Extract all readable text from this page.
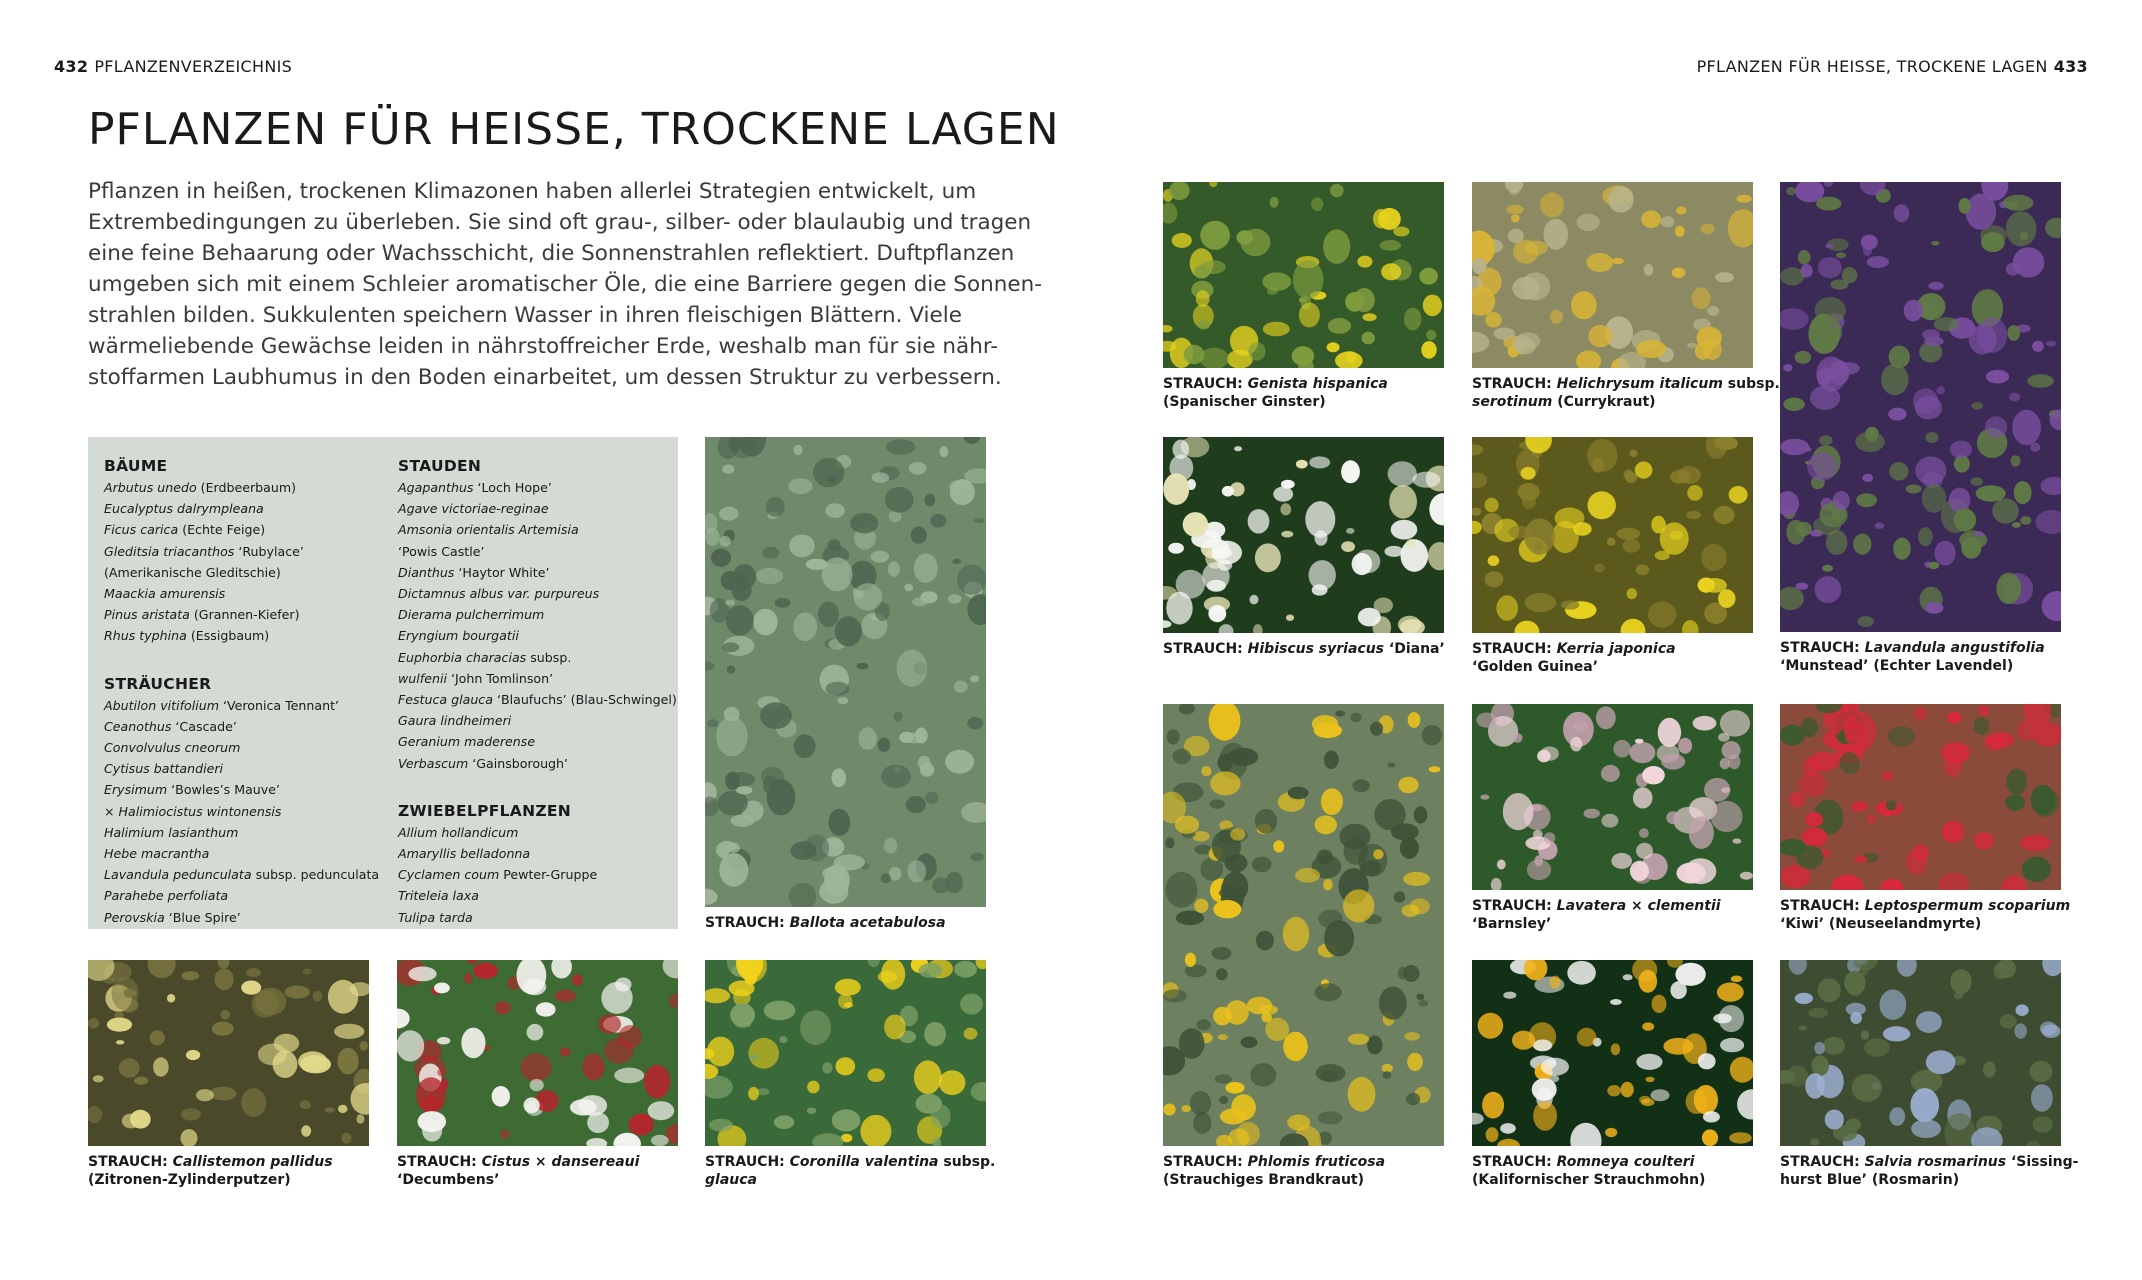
432 PFLANZENVERZEICHNIS	PFLANZEN FÜR HEISSE, TROCKENE LAGEN 433
PFLANZEN FÜR HEISSE, TROCKENE LAGEN

Pflanzen in heißen, trockenen Klimazonen haben allerlei Strategien entwickelt, um

Extrembedingungen zu überleben. Sie sind oft grau-, silber- oder blaulaubig und tragen

eine feine Behaarung oder Wachsschicht, die Sonnenstrahlen reflektiert. Duftpflanzen

umgeben sich mit einem Schleier aromatischer Öle, die eine Barriere gegen die Sonnen-

strahlen bilden. Sukkulenten speichern Wasser in ihren fleischigen Blättern. Viele

wärmeliebende Gewächse leiden in nährstoffreicher Erde, weshalb man für sie nähr-

stoffarmen Laubhumus in den Boden einarbeitet, um dessen Struktur zu verbessern.

BÄUME
Arbutus unedo (Erdbeerbaum)
Eucalyptus dalrympleana
Ficus carica (Echte Feige)
Gleditsia triacanthos ‘Rubylace’
(Amerikanische Gleditschie)
Maackia amurensis
Pinus aristata (Grannen-Kiefer)
Rhus typhina (Essigbaum)
STRÄUCHER
Abutilon vitifolium ‘Veronica Tennant’
Ceanothus ‘Cascade’
Convolvulus cneorum
Cytisus battandieri
Erysimum ‘Bowles’s Mauve’
× Halimiocistus wintonensis
Halimium lasianthum
Hebe macrantha
Lavandula pedunculata subsp. pedunculata
Parahebe perfoliata
Perovskia ‘Blue Spire’
STAUDEN
Agapanthus ‘Loch Hope’
Agave victoriae-reginae
Amsonia orientalis Artemisia
‘Powis Castle’
Dianthus ‘Haytor White’
Dictamnus albus var. purpureus
Dierama pulcherrimum
Eryngium bourgatii
Euphorbia characias subsp.
wulfenii ‘John Tomlinson’
Festuca glauca ‘Blaufuchs’ (Blau-Schwingel)
Gaura lindheimeri
Geranium maderense
Verbascum ‘Gainsborough’
ZWIEBELPFLANZEN
Allium hollandicum
Amaryllis belladonna
Cyclamen coum Pewter-Gruppe
Triteleia laxa
Tulipa tarda	STRAUCH: Ballota acetabulosa
STRAUCH: Callistemon pallidus
(Zitronen-Zylinderputzer)
STRAUCH: Cistus × dansereaui
‘Decumbens’
STRAUCH: Coronilla valentina subsp.
glauca
STRAUCH: Genista hispanica
(Spanischer Ginster)
STRAUCH: Helichrysum italicum subsp.
serotinum (Currykraut)
STRAUCH: Lavandula angustifolia
‘Munstead’ (Echter Lavendel)
STRAUCH: Hibiscus syriacus ‘Diana’ STRAUCH: Kerria japonica
‘Golden Guinea’
STRAUCH: Phlomis fruticosa
(Strauchiges Brandkraut)
STRAUCH: Lavatera × clementii
‘Barnsley’
STRAUCH: Leptospermum scoparium
‘Kiwi’ (Neuseelandmyrte)
STRAUCH: Romneya coulteri
(Kalifornischer Strauchmohn)
STRAUCH: Salvia rosmarinus ‘Sissing-
hurst Blue’ (Rosmarin)
